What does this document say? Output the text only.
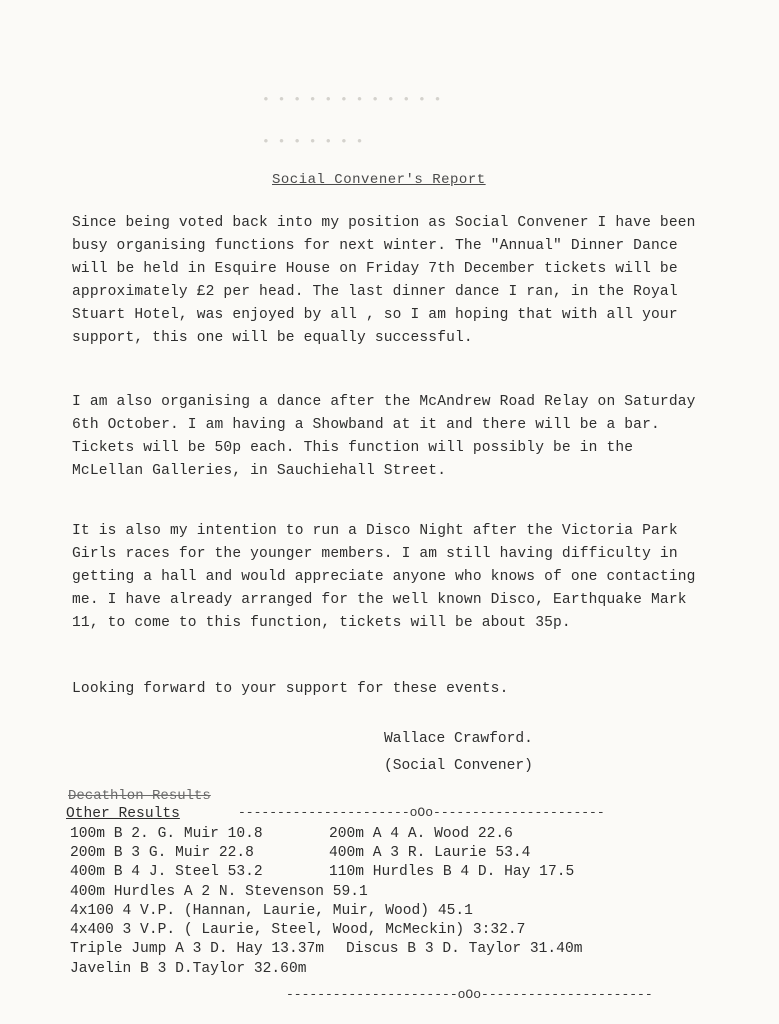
• • • • • • • • • • • •
• • • • • • •
Social Convener's Report

Since being voted back into my position as Social Convener I have been busy organising functions for next winter. The "Annual" Dinner Dance will be held in Esquire House on Friday 7th December tickets will be approximately £2 per head. The last dinner dance I ran, in the Royal Stuart Hotel, was enjoyed by all , so I am hoping that with all your support, this one will be equally successful.

I am also organising a dance after the McAndrew Road Relay on Saturday 6th October. I am having a Showband at it and there will be a bar. Tickets will be 50p each. This function will possibly be in the McLellan Galleries, in Sauchiehall Street.

It is also my intention to run a Disco Night after the Victoria Park Girls races for the younger members. I am still having difficulty in getting a hall and would appreciate anyone who knows of one contacting me. I have already arranged for the well known Disco, Earthquake Mark 11, to come to this function, tickets will be about 35p.

Looking forward to your support for these events.

Wallace Crawford.
(Social Convener)
Decathlon Results
Other Results	----------------------oOo----------------------
100m B 2. G. Muir 10.8	200m A 4 A. Wood 22.6
200m B 3 G. Muir 22.8	400m A 3 R. Laurie 53.4
400m B 4 J. Steel 53.2	110m Hurdles B 4 D. Hay 17.5
400m Hurdles A 2 N. Stevenson 59.1
4x100 4 V.P. (Hannan, Laurie, Muir, Wood) 45.1
4x400 3 V.P. ( Laurie, Steel, Wood, McMeckin) 3:32.7
Triple Jump A 3 D. Hay 13.37m Discus B 3 D. Taylor 31.40m
Javelin B 3 D.Taylor 32.60m
----------------------oOo----------------------
